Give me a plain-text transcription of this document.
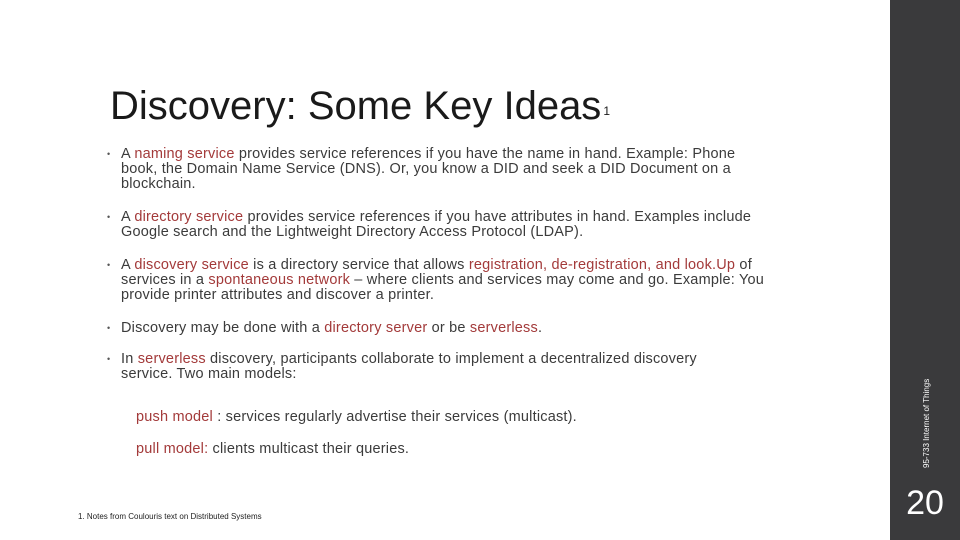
Discovery: Some Key Ideas $^1$
• A naming service provides service references if you have the name in hand. Example: Phone book, the Domain Name Service (DNS). Or, you know a DID and seek a DID Document on a blockchain.
• A directory service provides service references if you have attributes in hand. Examples include Google search and the Lightweight Directory Access Protocol (LDAP).
• A discovery service is a directory service that allows registration, de-registration, and look.Up of services in a spontaneous network – where clients and services may come and go. Example: You provide printer attributes and discover a printer.
• Discovery may be done with a directory server or be serverless.
• In serverless discovery, participants collaborate to implement a decentralized discovery service. Two main models:
push model : services regularly advertise their services (multicast).
pull model: clients multicast their queries.
1. Notes from Coulouris text on Distributed Systems
95-733 Internet of Things
20
